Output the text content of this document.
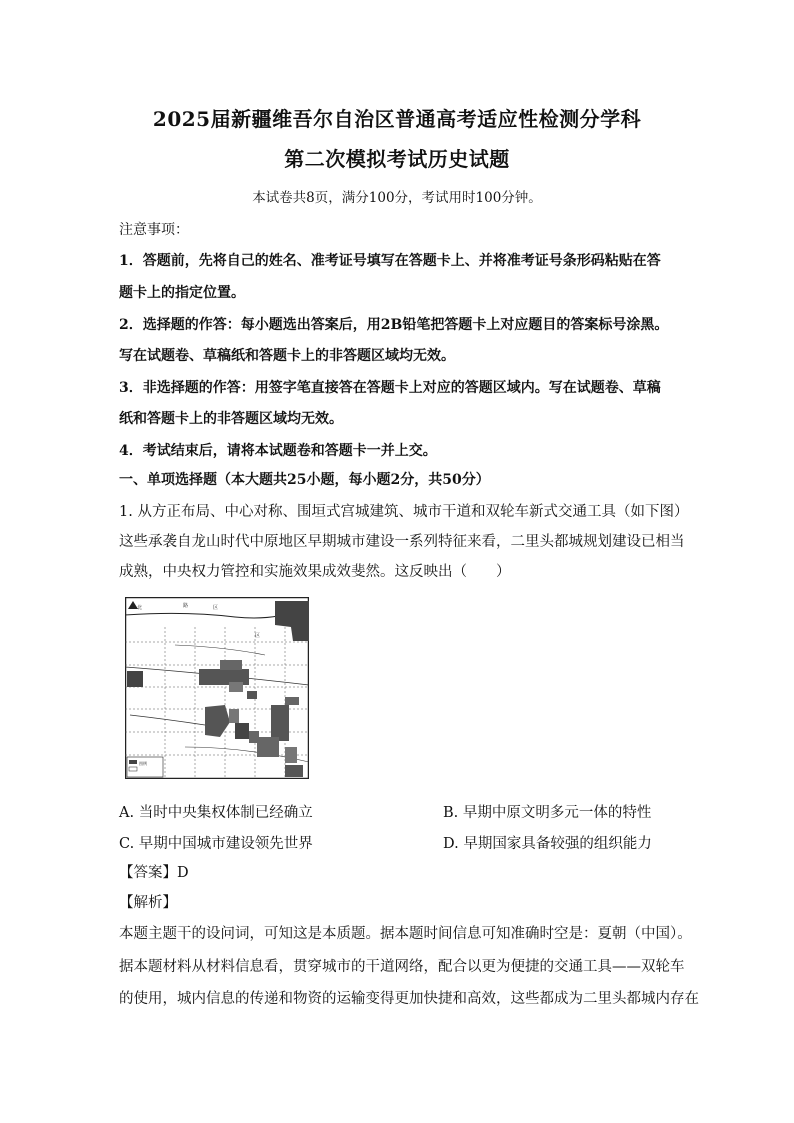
2025届新疆维吾尔自治区普通高考适应性检测分学科
第二次模拟考试历史试题
本试卷共8页，满分100分，考试用时100分钟。
注意事项：
1．答题前，先将自己的姓名、准考证号填写在答题卡上、并将准考证号条形码粘贴在答
题卡上的指定位置。
2．选择题的作答：每小题选出答案后，用2B铅笔把答题卡上对应题目的答案标号涂黑。
写在试题卷、草稿纸和答题卡上的非答题区域均无效。
3．非选择题的作答：用签字笔直接答在答题卡上对应的答题区域内。写在试题卷、草稿
纸和答题卡上的非答题区域均无效。
4．考试结束后，请将本试题卷和答题卡一并上交。
一、单项选择题（本大题共25小题，每小题2分，共50分）
1. 从方正布局、中心对称、围垣式宫城建筑、城市干道和双轮车新式交通工具（如下图）
这些承袭自龙山时代中原地区早期城市建设一系列特征来看，二里头都城规划建设已相当
成熟，中央权力管控和实施效果成效斐然。这反映出（　　）
北	路	区
区
图例
A. 当时中央集权体制已经确立	B. 早期中原文明多元一体的特性
C. 早期中国城市建设领先世界	D. 早期国家具备较强的组织能力
【答案】D
【解析】
本题主题干的设问词，可知这是本质题。据本题时间信息可知准确时空是：夏朝（中国）。
据本题材料从材料信息看，贯穿城市的干道网络，配合以更为便捷的交通工具——双轮车
的使用，城内信息的传递和物资的运输变得更加快捷和高效，这些都成为二里头都城内存在
